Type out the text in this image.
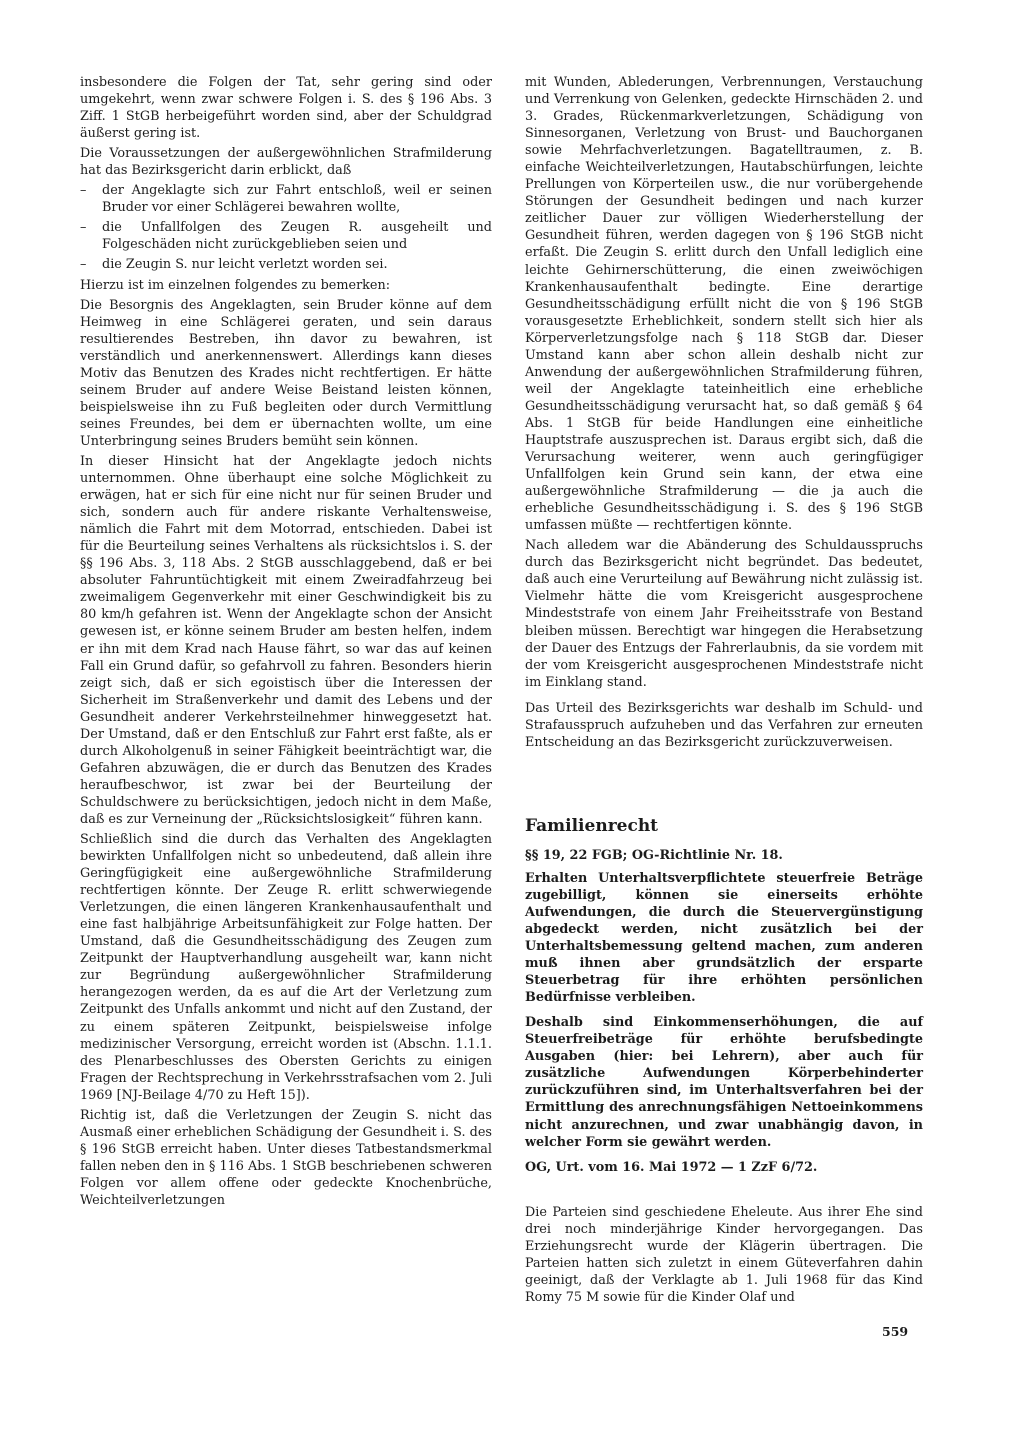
insbesondere die Folgen der Tat, sehr gering sind oder umgekehrt, wenn zwar schwere Folgen i. S. des § 196 Abs. 3 Ziff. 1 StGB herbeigeführt worden sind, aber der Schuldgrad äußerst gering ist.

Die Voraussetzungen der außergewöhnlichen Strafmilderung hat das Bezirksgericht darin erblickt, daß

– der Angeklagte sich zur Fahrt entschloß, weil er seinen Bruder vor einer Schlägerei bewahren wollte,
– die Unfallfolgen des Zeugen R. ausgeheilt und Folgeschäden nicht zurückgeblieben seien und
– die Zeugin S. nur leicht verletzt worden sei.

Hierzu ist im einzelnen folgendes zu bemerken:

Die Besorgnis des Angeklagten, sein Bruder könne auf dem Heimweg in eine Schlägerei geraten, und sein daraus resultierendes Bestreben, ihn davor zu bewahren, ist verständlich und anerkennenswert. Allerdings kann dieses Motiv das Benutzen des Krades nicht rechtfertigen. Er hätte seinem Bruder auf andere Weise Beistand leisten können, beispielsweise ihn zu Fuß begleiten oder durch Vermittlung seines Freundes, bei dem er übernachten wollte, um eine Unterbringung seines Bruders bemüht sein können.

In dieser Hinsicht hat der Angeklagte jedoch nichts unternommen. Ohne überhaupt eine solche Möglichkeit zu erwägen, hat er sich für eine nicht nur für seinen Bruder und sich, sondern auch für andere riskante Verhaltensweise, nämlich die Fahrt mit dem Motorrad, entschieden. Dabei ist für die Beurteilung seines Verhaltens als rücksichtslos i. S. der §§ 196 Abs. 3, 118 Abs. 2 StGB ausschlaggebend, daß er bei absoluter Fahruntüchtigkeit mit einem Zweiradfahrzeug bei zweimaligem Gegenverkehr mit einer Geschwindigkeit bis zu 80 km/h gefahren ist. Wenn der Angeklagte schon der Ansicht gewesen ist, er könne seinem Bruder am besten helfen, indem er ihn mit dem Krad nach Hause fährt, so war das auf keinen Fall ein Grund dafür, so gefahrvoll zu fahren. Besonders hierin zeigt sich, daß er sich egoistisch über die Interessen der Sicherheit im Straßenverkehr und damit des Lebens und der Gesundheit anderer Verkehrsteilnehmer hinweggesetzt hat. Der Umstand, daß er den Entschluß zur Fahrt erst faßte, als er durch Alkoholgenuß in seiner Fähigkeit beeinträchtigt war, die Gefahren abzuwägen, die er durch das Benutzen des Krades heraufbeschwor, ist zwar bei der Beurteilung der Schuldschwere zu berücksichtigen, jedoch nicht in dem Maße, daß es zur Verneinung der „Rücksichtslosigkeit“ führen kann.

Schließlich sind die durch das Verhalten des Angeklagten bewirkten Unfallfolgen nicht so unbedeutend, daß allein ihre Geringfügigkeit eine außergewöhnliche Strafmilderung rechtfertigen könnte. Der Zeuge R. erlitt schwerwiegende Verletzungen, die einen längeren Krankenhausaufenthalt und eine fast halbjährige Arbeitsunfähigkeit zur Folge hatten. Der Umstand, daß die Gesundheitsschädigung des Zeugen zum Zeitpunkt der Hauptverhandlung ausgeheilt war, kann nicht zur Begründung außergewöhnlicher Strafmilderung herangezogen werden, da es auf die Art der Verletzung zum Zeitpunkt des Unfalls ankommt und nicht auf den Zustand, der zu einem späteren Zeitpunkt, beispielsweise infolge medizinischer Versorgung, erreicht worden ist (Abschn. 1.1.1. des Plenarbeschlusses des Obersten Gerichts zu einigen Fragen der Rechtsprechung in Verkehrsstrafsachen vom 2. Juli 1969 [NJ-Beilage 4/70 zu Heft 15]).

Richtig ist, daß die Verletzungen der Zeugin S. nicht das Ausmaß einer erheblichen Schädigung der Gesundheit i. S. des § 196 StGB erreicht haben. Unter dieses Tatbestandsmerkmal fallen neben den in § 116 Abs. 1 StGB beschriebenen schweren Folgen vor allem offene oder gedeckte Knochenbrüche, Weichteilverletzungen

mit Wunden, Ablederungen, Verbrennungen, Verstauchung und Verrenkung von Gelenken, gedeckte Hirnschäden 2. und 3. Grades, Rückenmarkverletzungen, Schädigung von Sinnesorganen, Verletzung von Brust- und Bauchorganen sowie Mehrfachverletzungen. Bagatelltraumen, z. B. einfache Weichteilverletzungen, Hautabschürfungen, leichte Prellungen von Körperteilen usw., die nur vorübergehende Störungen der Gesundheit bedingen und nach kurzer zeitlicher Dauer zur völligen Wiederherstellung der Gesundheit führen, werden dagegen von § 196 StGB nicht erfaßt. Die Zeugin S. erlitt durch den Unfall lediglich eine leichte Gehirnerschütterung, die einen zweiwöchigen Krankenhausaufenthalt bedingte. Eine derartige Gesundheitsschädigung erfüllt nicht die von § 196 StGB vorausgesetzte Erheblichkeit, sondern stellt sich hier als Körperverletzungsfolge nach § 118 StGB dar. Dieser Umstand kann aber schon allein deshalb nicht zur Anwendung der außergewöhnlichen Strafmilderung führen, weil der Angeklagte tateinheitlich eine erhebliche Gesundheitsschädigung verursacht hat, so daß gemäß § 64 Abs. 1 StGB für beide Handlungen eine einheitliche Hauptstrafe auszusprechen ist. Daraus ergibt sich, daß die Verursachung weiterer, wenn auch geringfügiger Unfallfolgen kein Grund sein kann, der etwa eine außergewöhnliche Strafmilderung — die ja auch die erhebliche Gesundheitsschädigung i. S. des § 196 StGB umfassen müßte — rechtfertigen könnte.

Nach alledem war die Abänderung des Schuldausspruchs durch das Bezirksgericht nicht begründet. Das bedeutet, daß auch eine Verurteilung auf Bewährung nicht zulässig ist. Vielmehr hätte die vom Kreisgericht ausgesprochene Mindeststrafe von einem Jahr Freiheitsstrafe von Bestand bleiben müssen. Berechtigt war hingegen die Herabsetzung der Dauer des Entzugs der Fahrerlaubnis, da sie vordem mit der vom Kreisgericht ausgesprochenen Mindeststrafe nicht im Einklang stand.

Das Urteil des Bezirksgerichts war deshalb im Schuld- und Strafausspruch aufzuheben und das Verfahren zur erneuten Entscheidung an das Bezirksgericht zurückzuverweisen.

Familienrecht

§§ 19, 22 FGB; OG-Richtlinie Nr. 18.

Erhalten Unterhaltsverpflichtete steuerfreie Beträge zugebilligt, können sie einerseits erhöhte Aufwendungen, die durch die Steuervergünstigung abgedeckt werden, nicht zusätzlich bei der Unterhaltsbemessung geltend machen, zum anderen muß ihnen aber grundsätzlich der ersparte Steuerbetrag für ihre erhöhten persönlichen Bedürfnisse verbleiben.

Deshalb sind Einkommenserhöhungen, die auf Steuerfreibeträge für erhöhte berufsbedingte Ausgaben (hier: bei Lehrern), aber auch für zusätzliche Aufwendungen Körperbehinderter zurückzuführen sind, im Unterhaltsverfahren bei der Ermittlung des anrechnungsfähigen Nettoeinkommens nicht anzurechnen, und zwar unabhängig davon, in welcher Form sie gewährt werden.

OG, Urt. vom 16. Mai 1972 — 1 ZzF 6/72.

Die Parteien sind geschiedene Eheleute. Aus ihrer Ehe sind drei noch minderjährige Kinder hervorgegangen. Das Erziehungsrecht wurde der Klägerin übertragen. Die Parteien hatten sich zuletzt in einem Güteverfahren dahin geeinigt, daß der Verklagte ab 1. Juli 1968 für das Kind Romy 75 M sowie für die Kinder Olaf und

559
